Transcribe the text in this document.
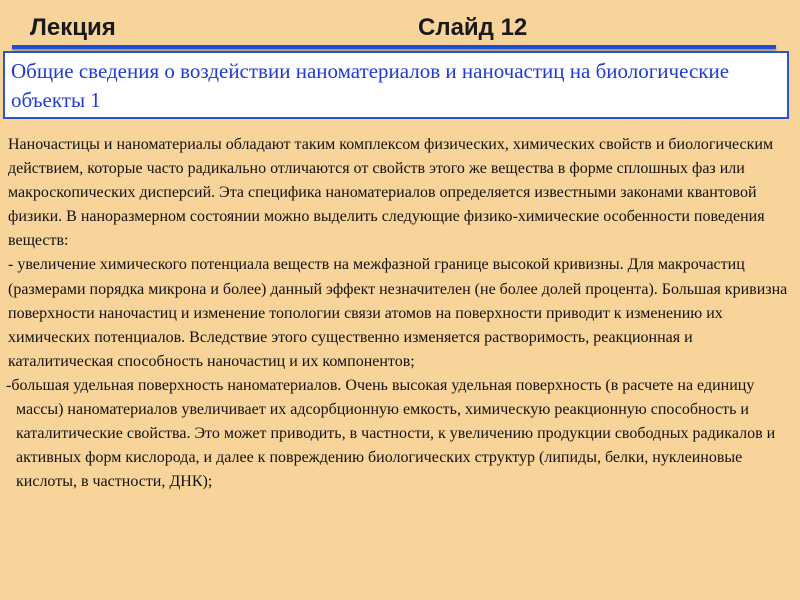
Лекция	Слайд 12
Общие сведения о воздействии наноматериалов и наночастиц на биологические объекты 1

Наночастицы и наноматериалы обладают таким комплексом физических, химических свойств и биологическим действием, которые часто радикально отличаются от свойств этого же вещества в форме сплошных фаз или макроскопических дисперсий. Эта специфика наноматериалов определяется известными законами квантовой физики. В наноразмерном состоянии можно выделить следующие физико-химические особенности поведения веществ:

- увеличение химического потенциала веществ на межфазной границе высокой кривизны. Для макрочастиц (размерами порядка микрона и более) данный эффект незначителен (не более долей процента). Большая кривизна поверхности наночастиц и изменение топологии связи атомов на поверхности приводит к изменению их химических потенциалов. Вследствие этого существенно изменяется растворимость, реакционная и каталитическая способность наночастиц и их компонентов;

-большая удельная поверхность наноматериалов. Очень высокая удельная поверхность (в расчете на единицу массы) наноматериалов увеличивает их адсорбционную емкость, химическую реакционную способность и каталитические свойства. Это может приводить, в частности, к увеличению продукции свободных радикалов и активных форм кислорода, и далее к повреждению биологических структур (липиды, белки, нуклеиновые кислоты, в частности, ДНК);
